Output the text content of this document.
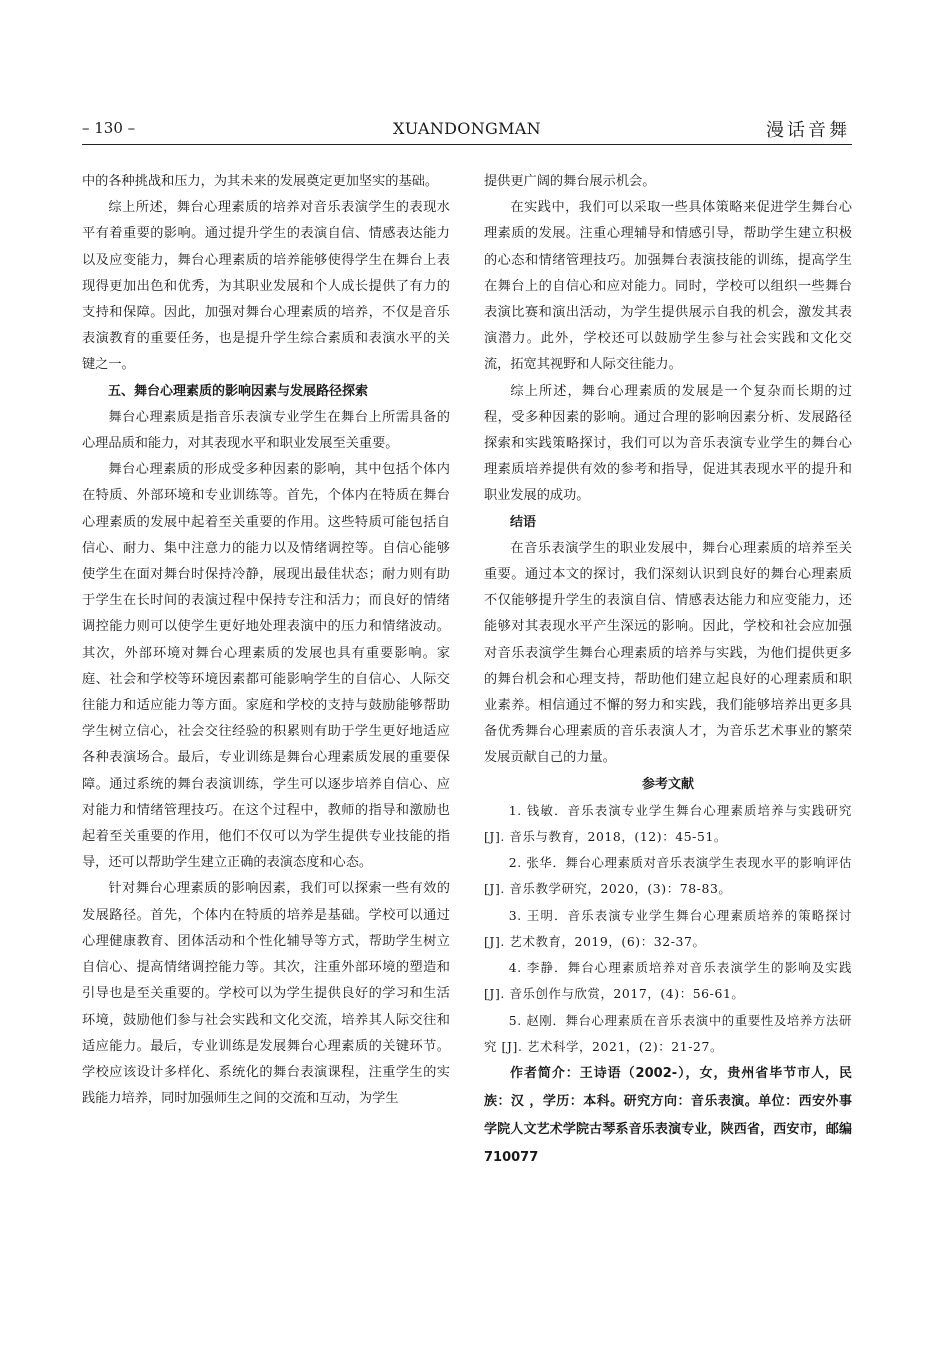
– 130 –	XUANDONGMAN	漫话音舞

中的各种挑战和压力，为其未来的发展奠定更加坚实的基础。

综上所述，舞台心理素质的培养对音乐表演学生的表现水平有着重要的影响。通过提升学生的表演自信、情感表达能力以及应变能力，舞台心理素质的培养能够使得学生在舞台上表现得更加出色和优秀，为其职业发展和个人成长提供了有力的支持和保障。因此，加强对舞台心理素质的培养，不仅是音乐表演教育的重要任务，也是提升学生综合素质和表演水平的关键之一。

五、舞台心理素质的影响因素与发展路径探索

舞台心理素质是指音乐表演专业学生在舞台上所需具备的心理品质和能力，对其表现水平和职业发展至关重要。

舞台心理素质的形成受多种因素的影响，其中包括个体内在特质、外部环境和专业训练等。首先，个体内在特质在舞台心理素质的发展中起着至关重要的作用。这些特质可能包括自信心、耐力、集中注意力的能力以及情绪调控等。自信心能够使学生在面对舞台时保持冷静，展现出最佳状态；耐力则有助于学生在长时间的表演过程中保持专注和活力；而良好的情绪调控能力则可以使学生更好地处理表演中的压力和情绪波动。其次，外部环境对舞台心理素质的发展也具有重要影响。家庭、社会和学校等环境因素都可能影响学生的自信心、人际交往能力和适应能力等方面。家庭和学校的支持与鼓励能够帮助学生树立信心，社会交往经验的积累则有助于学生更好地适应各种表演场合。最后，专业训练是舞台心理素质发展的重要保障。通过系统的舞台表演训练，学生可以逐步培养自信心、应对能力和情绪管理技巧。在这个过程中，教师的指导和激励也起着至关重要的作用，他们不仅可以为学生提供专业技能的指导，还可以帮助学生建立正确的表演态度和心态。

针对舞台心理素质的影响因素，我们可以探索一些有效的发展路径。首先，个体内在特质的培养是基础。学校可以通过心理健康教育、团体活动和个性化辅导等方式，帮助学生树立自信心、提高情绪调控能力等。其次，注重外部环境的塑造和引导也是至关重要的。学校可以为学生提供良好的学习和生活环境，鼓励他们参与社会实践和文化交流，培养其人际交往和适应能力。最后，专业训练是发展舞台心理素质的关键环节。学校应该设计多样化、系统化的舞台表演课程，注重学生的实践能力培养，同时加强师生之间的交流和互动，为学生

提供更广阔的舞台展示机会。

在实践中，我们可以采取一些具体策略来促进学生舞台心理素质的发展。注重心理辅导和情感引导，帮助学生建立积极的心态和情绪管理技巧。加强舞台表演技能的训练，提高学生在舞台上的自信心和应对能力。同时，学校可以组织一些舞台表演比赛和演出活动，为学生提供展示自我的机会，激发其表演潜力。此外，学校还可以鼓励学生参与社会实践和文化交流，拓宽其视野和人际交往能力。

综上所述，舞台心理素质的发展是一个复杂而长期的过程，受多种因素的影响。通过合理的影响因素分析、发展路径探索和实践策略探讨，我们可以为音乐表演专业学生的舞台心理素质培养提供有效的参考和指导，促进其表现水平的提升和职业发展的成功。

结语

在音乐表演学生的职业发展中，舞台心理素质的培养至关重要。通过本文的探讨，我们深刻认识到良好的舞台心理素质不仅能够提升学生的表演自信、情感表达能力和应变能力，还能够对其表现水平产生深远的影响。因此，学校和社会应加强对音乐表演学生舞台心理素质的培养与实践，为他们提供更多的舞台机会和心理支持，帮助他们建立起良好的心理素质和职业素养。相信通过不懈的努力和实践，我们能够培养出更多具备优秀舞台心理素质的音乐表演人才，为音乐艺术事业的繁荣发展贡献自己的力量。

参考文献

1. 钱敏．音乐表演专业学生舞台心理素质培养与实践研究 [J]. 音乐与教育，2018，(12)：45-51。

2. 张华．舞台心理素质对音乐表演学生表现水平的影响评估 [J]. 音乐教学研究，2020，(3)：78-83。

3. 王明．音乐表演专业学生舞台心理素质培养的策略探讨 [J]. 艺术教育，2019，(6)：32-37。

4. 李静．舞台心理素质培养对音乐表演学生的影响及实践 [J]. 音乐创作与欣赏，2017，(4)：56-61。

5. 赵刚．舞台心理素质在音乐表演中的重要性及培养方法研究 [J]. 艺术科学，2021，(2)：21-27。

作者简介：王诗语（2002-），女，贵州省毕节市人，民 族：汉 ，学历：本科。研究方向：音乐表演。单位：西安外事学院人文艺术学院古琴系音乐表演专业，陕西省，西安市，邮编 710077
